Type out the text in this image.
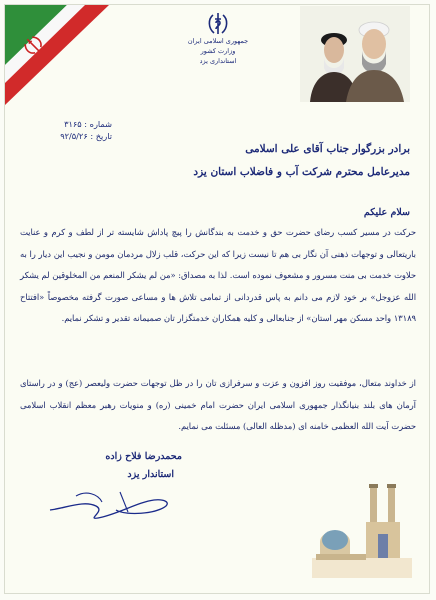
جمهوری اسلامی ایران
وزارت کشور
استانداری یزد
شماره : ۳۱۶۵
تاریخ : ۹۲/۵/۲۶
برادر بزرگوار جناب آقای علی اسلامی
مدیرعامل محترم شرکت آب و فاضلاب استان یزد
سلام علیکم
حرکت در مسیر کسب رضای حضرت حق و خدمت به بندگانش را پیچ پاداش شایسته تر از لطف و کرم و عنایت باریتعالی و توجهات ذهنی آن نگار بی هم تا نیست زیرا که این حرکت، قلب زلال مردمان مومن و نجیب این دیار را به حلاوت خدمت بی منت مسرور و مشعوف نموده است. لذا به مصداق: «من لم یشکر المنعم من المخلوقین لم یشکر الله عزوجل» بر خود لازم می دانم به پاس قدردانی از تمامی تلاش ها و مساعی صورت گرفته مخصوصاً «افتتاح ۱۳۱۸۹ واحد مسکن مهر استان» از جنابعالی و کلیه همکاران خدمتگزار تان صمیمانه تقدیر و تشکر نمایم.
از خداوند متعال، موفقیت روز افزون و عزت و سرفرازی تان را در ظل توجهات حضرت ولیعصر (عج) و در راستای آرمان های بلند بنیانگذار جمهوری اسلامی ایران حضرت امام خمینی (ره) و منویات رهبر معظم انقلاب اسلامی حضرت آیت الله العظمی خامنه ای (مدظله العالی) مسئلت می نمایم.
محمدرضا فلاح زاده
استاندار یزد
